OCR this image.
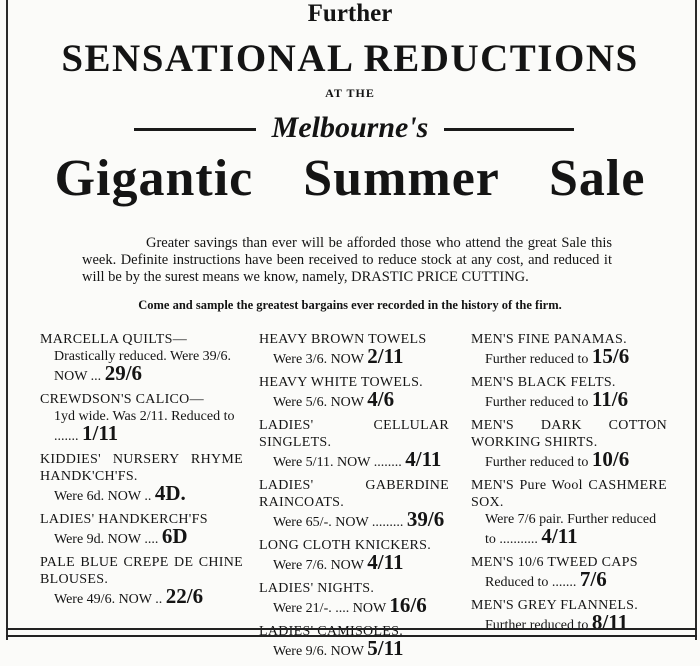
Further
SENSATIONAL REDUCTIONS
AT THE
Melbourne's
Gigantic Summer Sale

Greater savings than ever will be afforded those who attend the great Sale this week. Definite instructions have been received to reduce stock at any cost, and reduced it will be by the surest means we know, namely, DRASTIC PRICE CUTTING.

Come and sample the greatest bargains ever recorded in the history of the firm.

MARCELLA QUILTS—

Drastically reduced. Were 39/6. NOW ... 29/6

CREWDSON'S CALICO—

1yd wide. Was 2/11. Reduced to ....... 1/11

KIDDIES' NURSERY RHYME HANDK'CH'FS.

Were 6d. NOW .. 4D.

LADIES' HANDKERCH'FS

Were 9d. NOW .... 6D

PALE BLUE CREPE DE CHINE BLOUSES.

Were 49/6. NOW .. 22/6

HEAVY BROWN TOWELS

Were 3/6. NOW 2/11

HEAVY WHITE TOWELS.

Were 5/6. NOW 4/6

LADIES' CELLULAR SINGLETS.

Were 5/11. NOW ........ 4/11

LADIES' GABERDINE RAINCOATS.

Were 65/-. NOW ......... 39/6

LONG CLOTH KNICKERS.

Were 7/6. NOW 4/11

LADIES' NIGHTS.

Were 21/-. .... NOW 16/6

LADIES' CAMISOLES.

Were 9/6. NOW 5/11

MEN'S FINE PANAMAS.

Further reduced to 15/6

MEN'S BLACK FELTS.

Further reduced to 11/6

MEN'S DARK COTTON WORKING SHIRTS.

Further reduced to 10/6

MEN'S Pure Wool CASHMERE SOX.

Were 7/6 pair. Further reduced to ........... 4/11

MEN'S 10/6 TWEED CAPS

Reduced to ....... 7/6

MEN'S GREY FLANNELS.

Further reduced to 8/11
